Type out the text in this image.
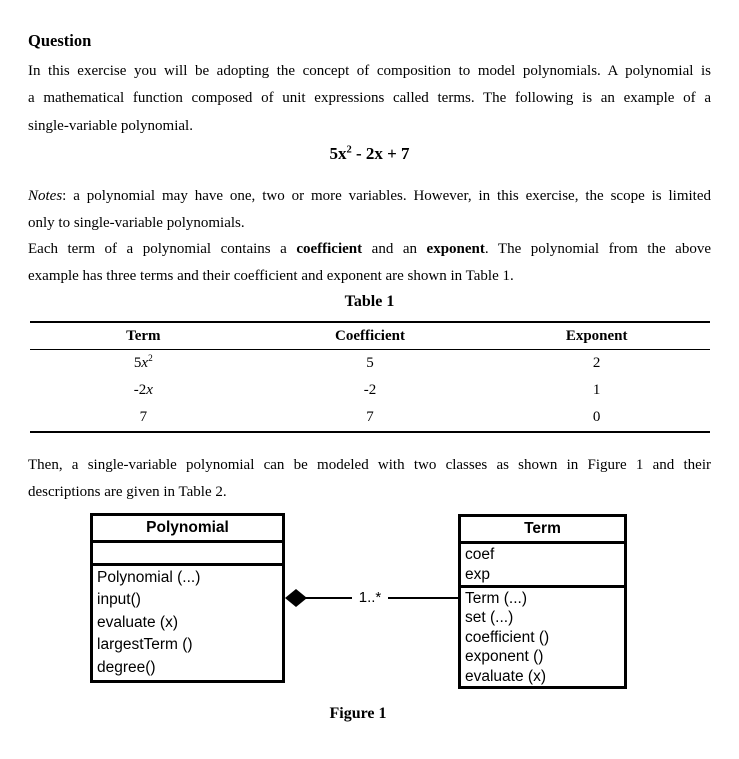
Question
In this exercise you will be adopting the concept of composition to model polynomials. A polynomial is
a mathematical function composed of unit expressions called terms. The following is an example of a
single-variable polynomial.
$5x^2 - 2x + 7$
Notes: a polynomial may have one, two or more variables. However, in this exercise, the scope is limited
only to single-variable polynomials.
Each term of a polynomial contains a coefficient and an exponent. The polynomial from the above
example has three terms and their coefficient and exponent are shown in Table 1.
Table 1
Term	Coefficient	Exponent
$5x^2$	5	2
-2x	-2	1
7	7	0
Then, a single-variable polynomial can be modeled with two classes as shown in Figure 1 and their
descriptions are given in Table 2.
Polynomial
Polynomial (...)
input()
evaluate (x)
largestTerm ()
degree()
1..*
Term
coef
exp
Term (...)
set (...)
coefficient ()
exponent ()
evaluate (x)
Figure 1
